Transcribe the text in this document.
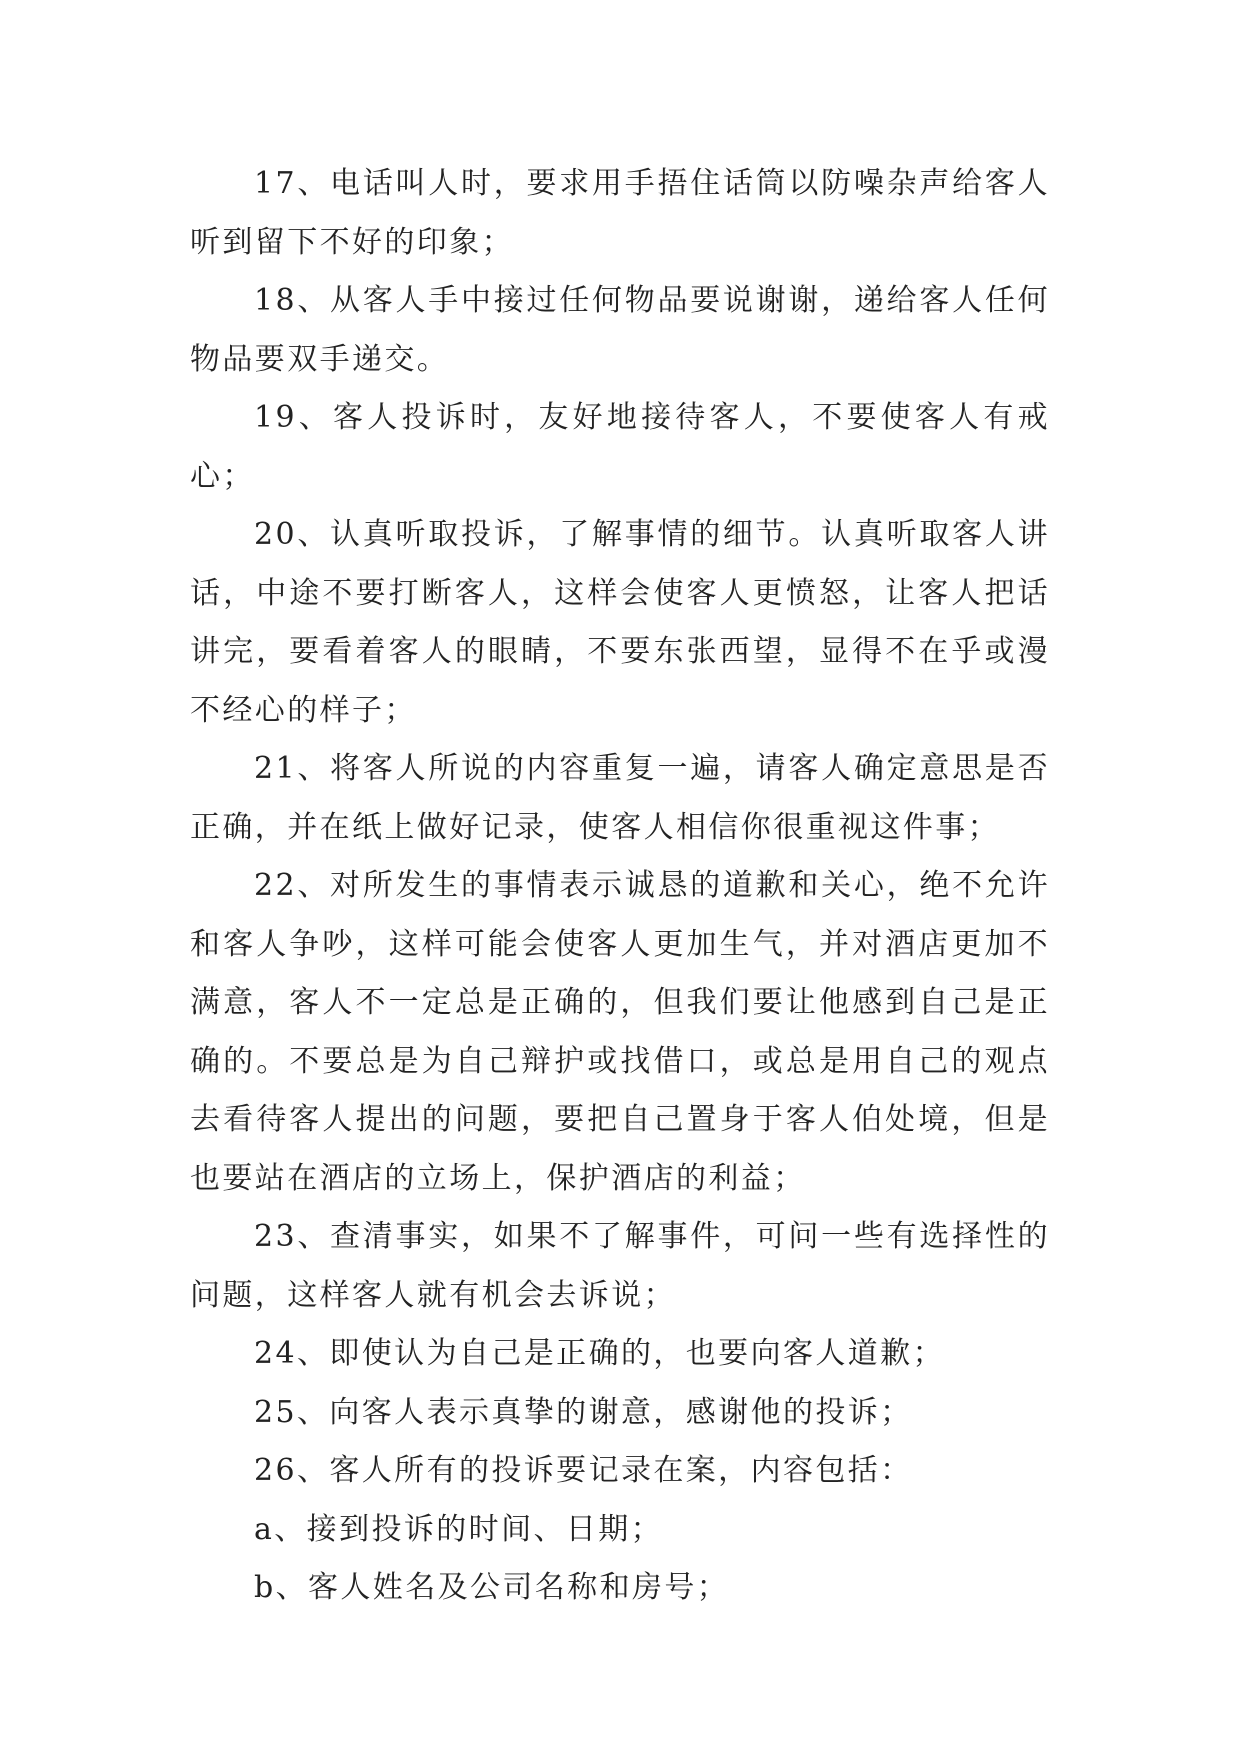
17、电话叫人时，要求用手捂住话筒以防噪杂声给客人听到留下不好的印象；

18、从客人手中接过任何物品要说谢谢，递给客人任何物品要双手递交。

19、客人投诉时，友好地接待客人，不要使客人有戒心；

20、认真听取投诉，了解事情的细节。认真听取客人讲话，中途不要打断客人，这样会使客人更愤怒，让客人把话讲完，要看着客人的眼睛，不要东张西望，显得不在乎或漫不经心的样子；

21、将客人所说的内容重复一遍，请客人确定意思是否正确，并在纸上做好记录，使客人相信你很重视这件事；

22、对所发生的事情表示诚恳的道歉和关心，绝不允许和客人争吵，这样可能会使客人更加生气，并对酒店更加不满意，客人不一定总是正确的，但我们要让他感到自己是正确的。不要总是为自己辩护或找借口，或总是用自己的观点去看待客人提出的问题，要把自己置身于客人伯处境，但是也要站在酒店的立场上，保护酒店的利益；

23、查清事实，如果不了解事件，可问一些有选择性的问题，这样客人就有机会去诉说；

24、即使认为自己是正确的，也要向客人道歉；

25、向客人表示真挚的谢意，感谢他的投诉；

26、客人所有的投诉要记录在案，内容包括：

a、接到投诉的时间、日期；

b、客人姓名及公司名称和房号；
